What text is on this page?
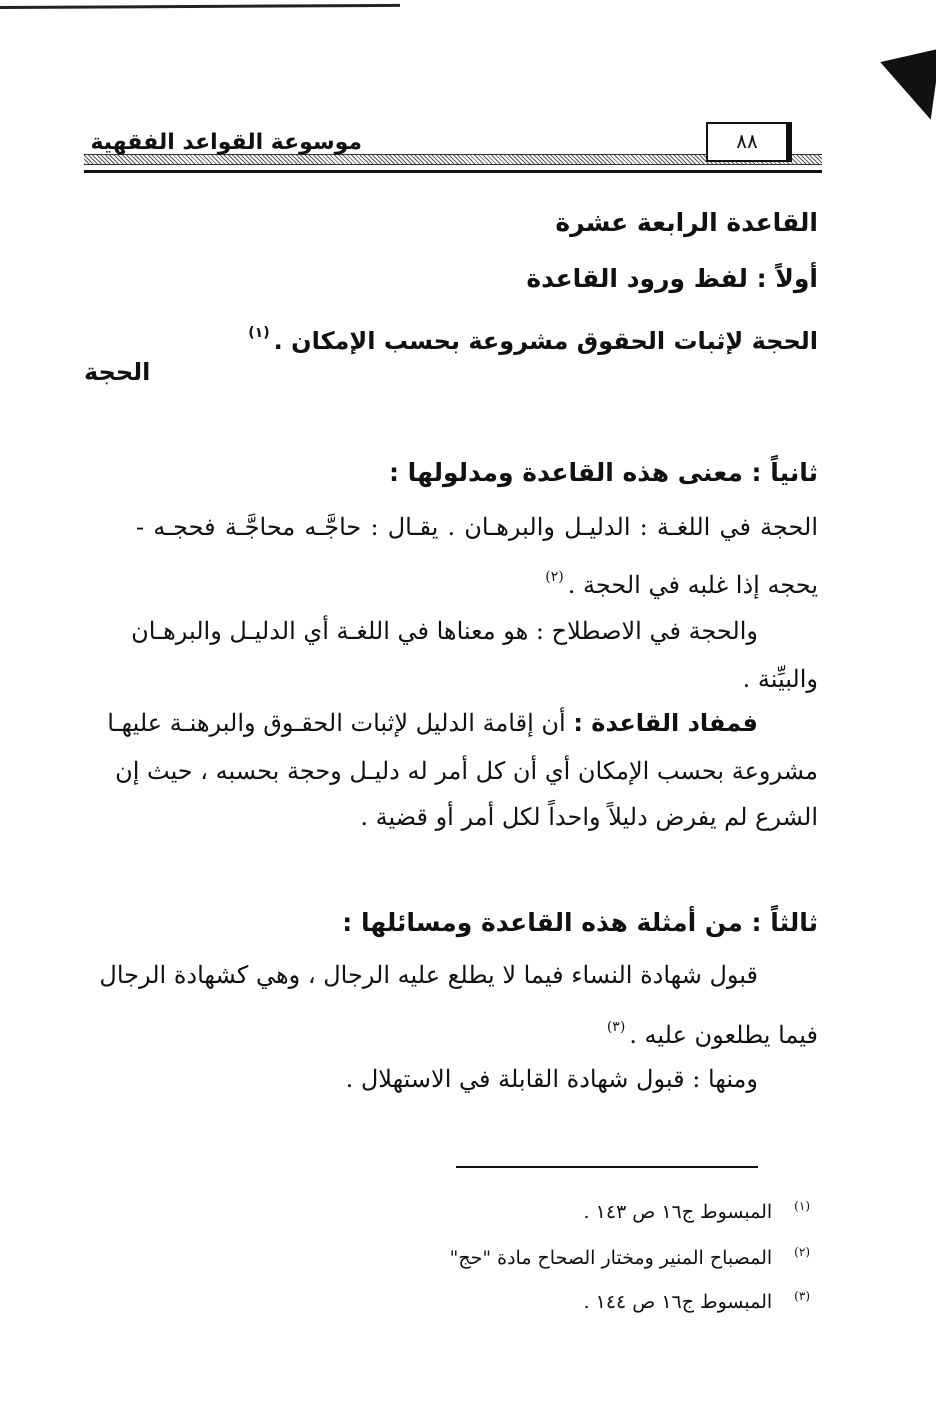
موسوعة القواعد الفقهية	٨٨
القاعدة الرابعة عشرة
أولاً : لفظ ورود القاعدة
الحجة لإثبات الحقوق مشروعة بحسب الإمكان .$^{(١)}$
الحجة
ثانياً : معنى هذه القاعدة ومدلولها :
الحجة في اللغـة : الدليـل والبرهـان . يقـال : حاجَّـه محاجَّـة فحجـه -
يحجه إذا غلبه في الحجة .$^{(٢)}$
والحجة في الاصطلاح : هو معناها في اللغـة أي الدليـل والبرهـان
والبيِّنة .
فمفاد القاعدة : أن إقامة الدليل لإثبات الحقـوق والبرهنـة عليهـا
مشروعة بحسب الإمكان أي أن كل أمر له دليـل وحجة بحسبه ، حيث إن
الشرع لم يفرض دليلاً واحداً لكل أمر أو قضية .
ثالثاً : من أمثلة هذه القاعدة ومسائلها :
قبول شهادة النساء فيما لا يطلع عليه الرجال ، وهي كشهادة الرجال
فيما يطلعون عليه .$^{(٣)}$
ومنها : قبول شهادة القابلة في الاستهلال .
$^{(١)}$المبسوط ج١٦ ص ١٤٣ .
$^{(٢)}$المصباح المنير ومختار الصحاح مادة "حج"
$^{(٣)}$المبسوط ج١٦ ص ١٤٤ .
